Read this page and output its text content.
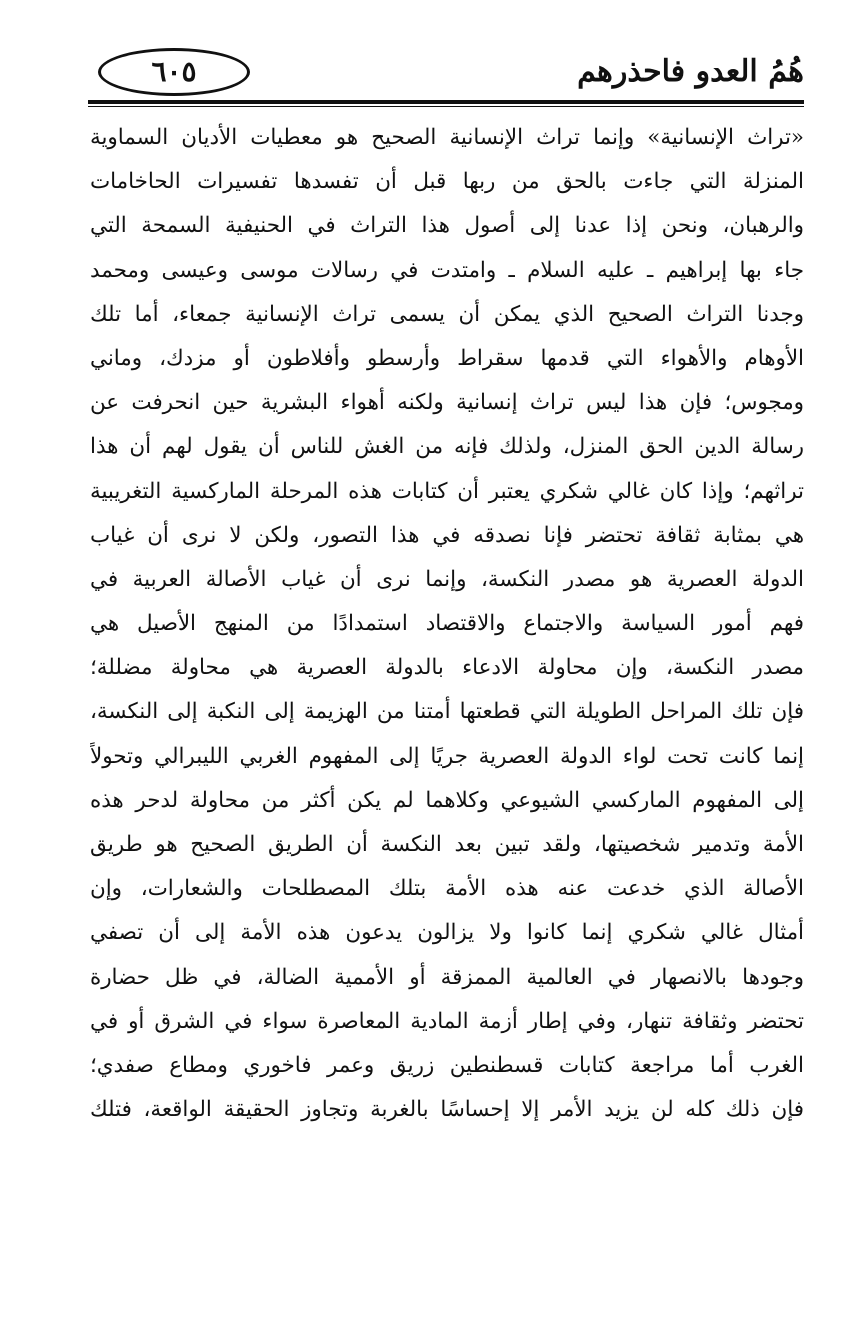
هُمُ العدو فاحذرهم
٦٠٥
«تراث الإنسانية» وإنما تراث الإنسانية الصحيح هو معطيات الأديان السماوية
المنزلة التي جاءت بالحق من ربها قبل أن تفسدها تفسيرات الحاخامات
والرهبان، ونحن إذا عدنا إلى أصول هذا التراث في الحنيفية السمحة التي
جاء بها إبراهيم ـ عليه السلام ـ وامتدت في رسالات موسى وعيسى ومحمد
وجدنا التراث الصحيح الذي يمكن أن يسمى تراث الإنسانية جمعاء، أما تلك
الأوهام والأهواء التي قدمها سقراط وأرسطو وأفلاطون أو مزدك، وماني
ومجوس؛ فإن هذا ليس تراث إنسانية ولكنه أهواء البشرية حين انحرفت عن
رسالة الدين الحق المنزل، ولذلك فإنه من الغش للناس أن يقول لهم أن هذا
تراثهم؛ وإذا كان غالي شكري يعتبر أن كتابات هذه المرحلة الماركسية التغريبية
هي بمثابة ثقافة تحتضر فإنا نصدقه في هذا التصور، ولكن لا نرى أن غياب
الدولة العصرية هو مصدر النكسة، وإنما نرى أن غياب الأصالة العربية في
فهم أمور السياسة والاجتماع والاقتصاد استمدادًا من المنهج الأصيل هي
مصدر النكسة، وإن محاولة الادعاء بالدولة العصرية هي محاولة مضللة؛
فإن تلك المراحل الطويلة التي قطعتها أمتنا من الهزيمة إلى النكبة إلى النكسة،
إنما كانت تحت لواء الدولة العصرية جريًا إلى المفهوم الغربي الليبرالي وتحولاً
إلى المفهوم الماركسي الشيوعي وكلاهما لم يكن أكثر من محاولة لدحر هذه
الأمة وتدمير شخصيتها، ولقد تبين بعد النكسة أن الطريق الصحيح هو طريق
الأصالة الذي خدعت عنه هذه الأمة بتلك المصطلحات والشعارات، وإن
أمثال غالي شكري إنما كانوا ولا يزالون يدعون هذه الأمة إلى أن تصفي
وجودها بالانصهار في العالمية الممزقة أو الأممية الضالة، في ظل حضارة
تحتضر وثقافة تنهار، وفي إطار أزمة المادية المعاصرة سواء في الشرق أو في
الغرب أما مراجعة كتابات قسطنطين زريق وعمر فاخوري ومطاع صفدي؛
فإن ذلك كله لن يزيد الأمر إلا إحساسًا بالغربة وتجاوز الحقيقة الواقعة، فتلك
